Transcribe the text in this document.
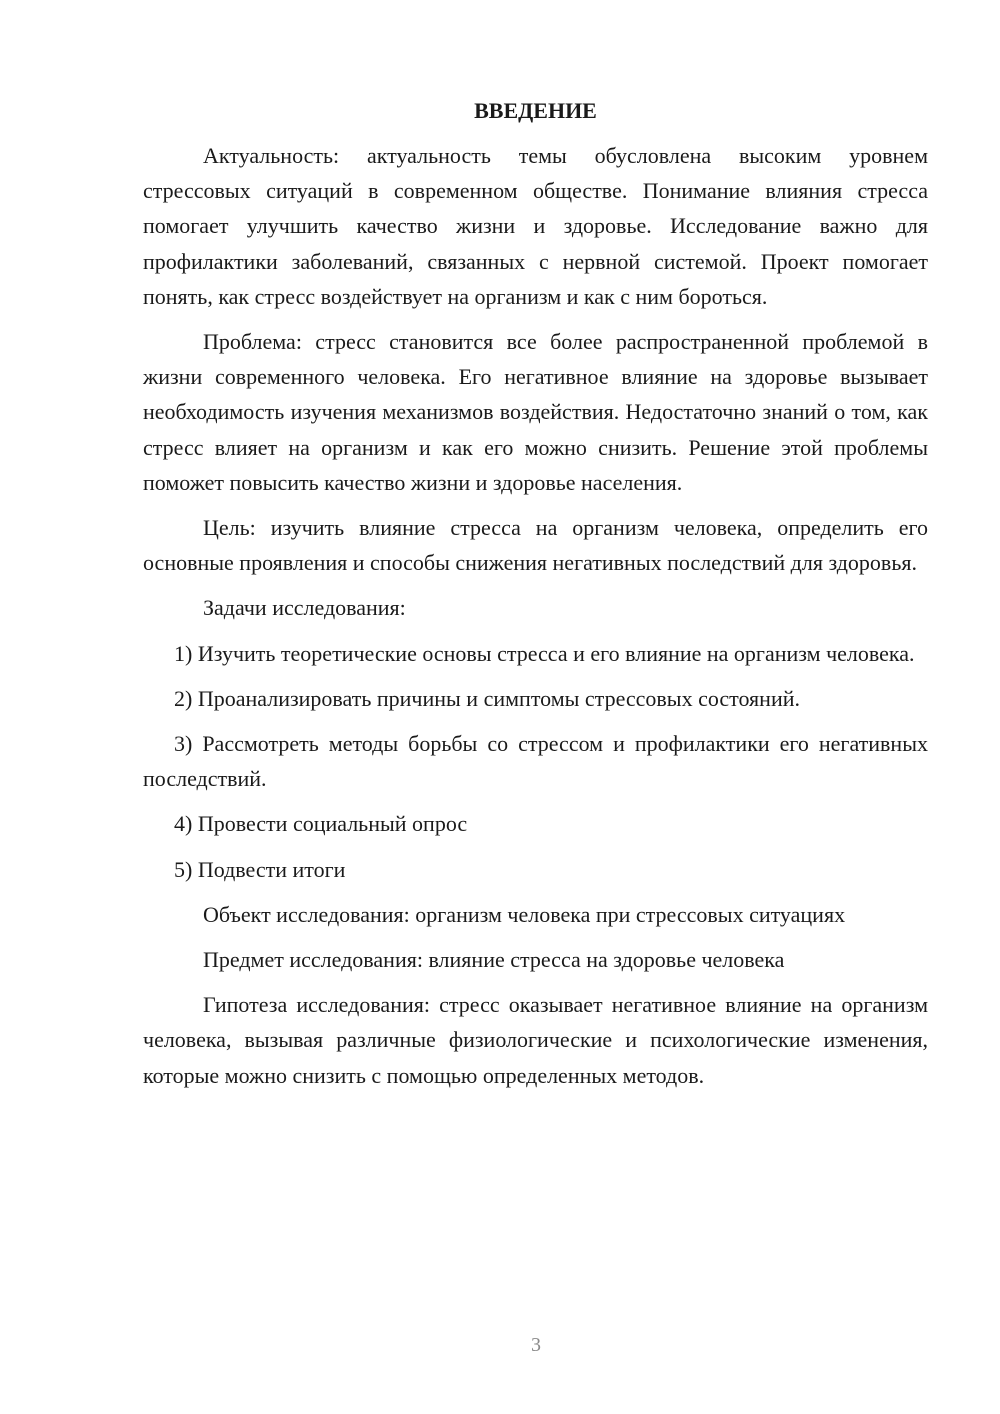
ВВЕДЕНИЕ

Актуальность: актуальность темы обусловлена высоким уровнем стрессовых ситуаций в современном обществе. Понимание влияния стресса помогает улучшить качество жизни и здоровье. Исследование важно для профилактики заболеваний, связанных с нервной системой. Проект помогает понять, как стресс воздействует на организм и как с ним бороться.

Проблема: стресс становится все более распространенной проблемой в жизни современного человека. Его негативное влияние на здоровье вызывает необходимость изучения механизмов воздействия. Недостаточно знаний о том, как стресс влияет на организм и как его можно снизить. Решение этой проблемы поможет повысить качество жизни и здоровье населения.

Цель: изучить влияние стресса на организм человека, определить его основные проявления и способы снижения негативных последствий для здоровья.

Задачи исследования:

1) Изучить теоретические основы стресса и его влияние на организм человека.

2) Проанализировать причины и симптомы стрессовых состояний.

3) Рассмотреть методы борьбы со стрессом и профилактики его негативных последствий.

4) Провести социальный опрос

5) Подвести итоги

Объект исследования: организм человека при стрессовых ситуациях

Предмет исследования: влияние стресса на здоровье человека

Гипотеза исследования: стресс оказывает негативное влияние на организм человека, вызывая различные физиологические и психологические изменения, которые можно снизить с помощью определенных методов.

3
